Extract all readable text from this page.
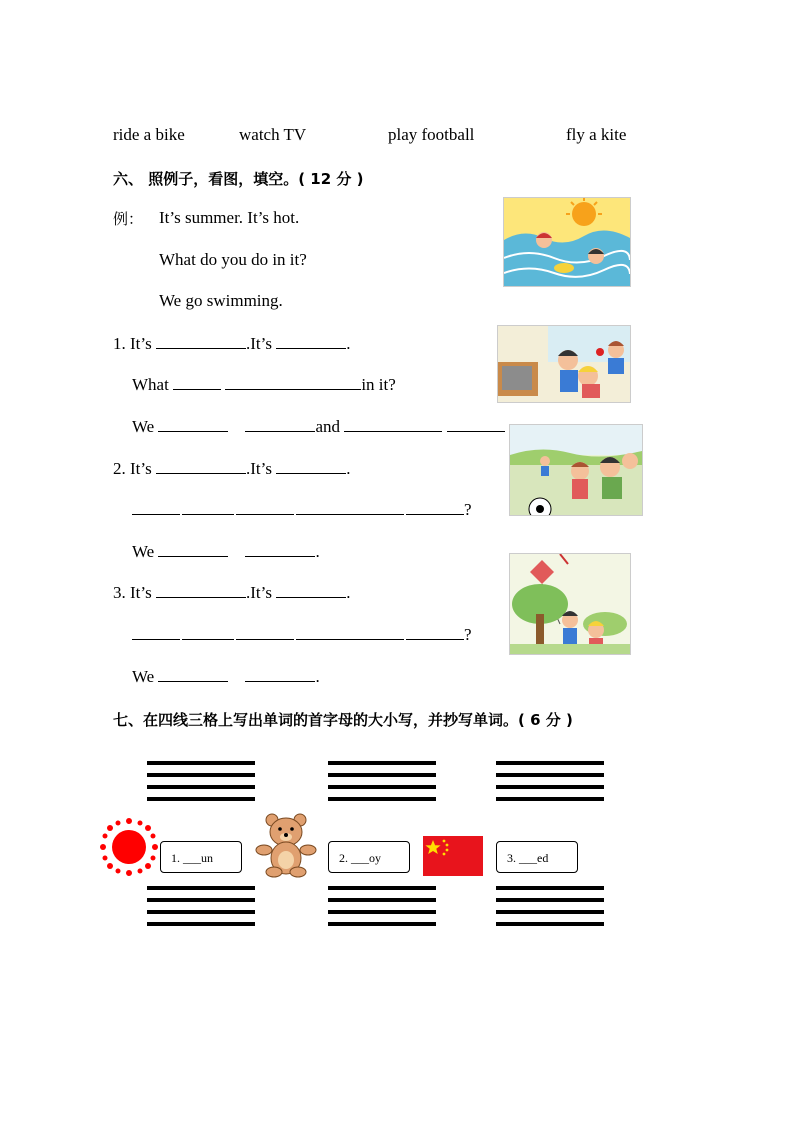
ride a bike	watch TV	play football	fly a kite
六、 照例子，看图，填空。( 12 分 )
例： It’s summer. It’s hot.
What do you do in it?
We go swimming.
1. It’s	.It’s	.
What	in it?
We	and
2. It’s	.It’s	.
?
We	.
3. It’s	.It’s	.
?
We	.
七、在四线三格上写出单词的首字母的大小写，并抄写单词。( 6 分 )
1. ___un	2. ___oy	3. ___ed
